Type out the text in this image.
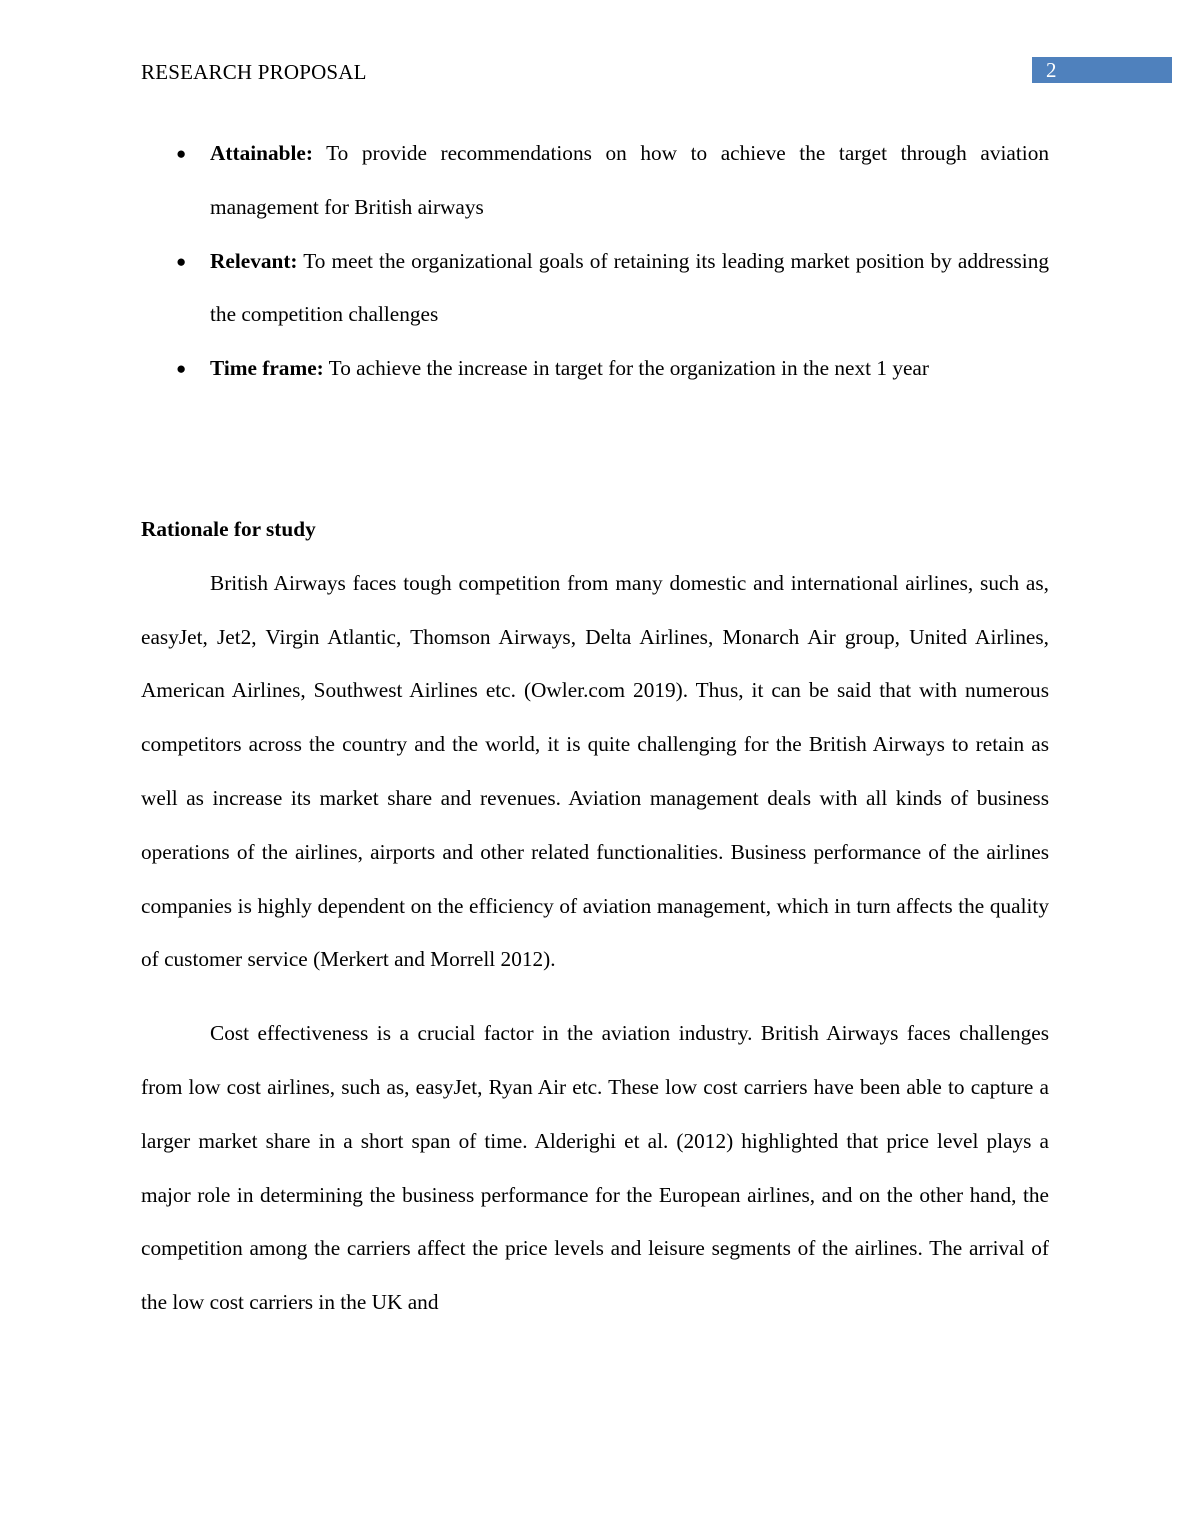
RESEARCH PROPOSAL	2
● Attainable: To provide recommendations on how to achieve the target through aviation management for British airways
● Relevant: To meet the organizational goals of retaining its leading market position by addressing the competition challenges
● Time frame: To achieve the increase in target for the organization in the next 1 year
Rationale for study

British Airways faces tough competition from many domestic and international airlines, such as, easyJet, Jet2, Virgin Atlantic, Thomson Airways, Delta Airlines, Monarch Air group, United Airlines, American Airlines, Southwest Airlines etc. (Owler.com 2019). Thus, it can be said that with numerous competitors across the country and the world, it is quite challenging for the British Airways to retain as well as increase its market share and revenues. Aviation management deals with all kinds of business operations of the airlines, airports and other related functionalities. Business performance of the airlines companies is highly dependent on the efficiency of aviation management, which in turn affects the quality of customer service (Merkert and Morrell 2012).

Cost effectiveness is a crucial factor in the aviation industry. British Airways faces challenges from low cost airlines, such as, easyJet, Ryan Air etc. These low cost carriers have been able to capture a larger market share in a short span of time. Alderighi et al. (2012) highlighted that price level plays a major role in determining the business performance for the European airlines, and on the other hand, the competition among the carriers affect the price levels and leisure segments of the airlines. The arrival of the low cost carriers in the UK and
